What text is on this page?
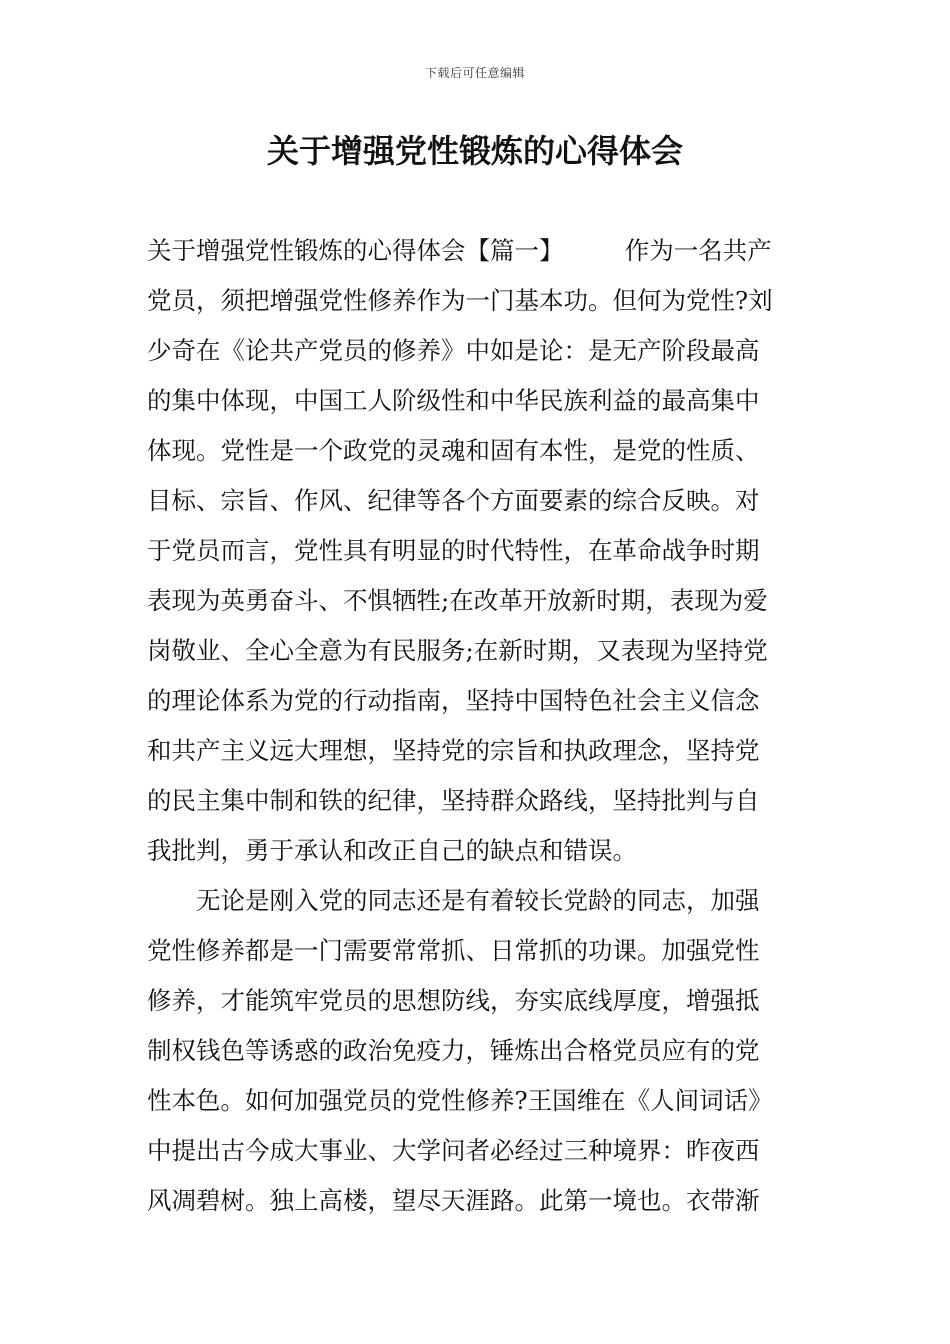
下载后可任意编辑
关于增强党性锻炼的心得体会
关于增强党性锻炼的心得体会【篇一】　　　作为一名共产
党员，须把增强党性修养作为一门基本功。但何为党性?刘
少奇在《论共产党员的修养》中如是论：是无产阶段最高
的集中体现，中国工人阶级性和中华民族利益的最高集中
体现。党性是一个政党的灵魂和固有本性，是党的性质、
目标、宗旨、作风、纪律等各个方面要素的综合反映。对
于党员而言，党性具有明显的时代特性，在革命战争时期
表现为英勇奋斗、不惧牺牲;在改革开放新时期，表现为爱
岗敬业、全心全意为有民服务;在新时期，又表现为坚持党
的理论体系为党的行动指南，坚持中国特色社会主义信念
和共产主义远大理想，坚持党的宗旨和执政理念，坚持党
的民主集中制和铁的纪律，坚持群众路线，坚持批判与自
我批判，勇于承认和改正自己的缺点和错误。
　　无论是刚入党的同志还是有着较长党龄的同志，加强
党性修养都是一门需要常常抓、日常抓的功课。加强党性
修养，才能筑牢党员的思想防线，夯实底线厚度，增强抵
制权钱色等诱惑的政治免疫力，锤炼出合格党员应有的党
性本色。如何加强党员的党性修养?王国维在《人间词话》
中提出古今成大事业、大学问者必经过三种境界：昨夜西
风凋碧树。独上高楼，望尽天涯路。此第一境也。衣带渐
